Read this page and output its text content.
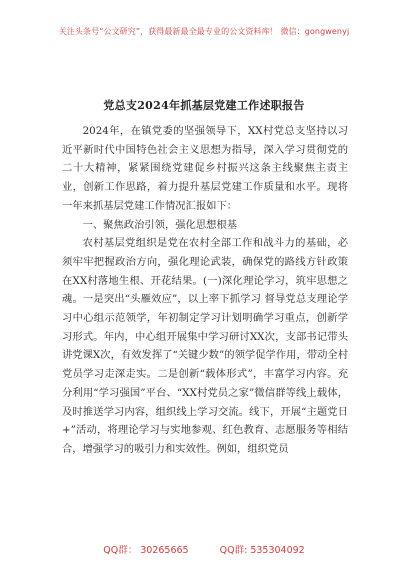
关注头条号“公文研究”，获得最新最全最专业的公文资料库！ 微信：gongwenyj
党总支2024年抓基层党建工作述职报告

2024年，在镇党委的坚强领导下，XX村党总支坚持以习近平新时代中国特色社会主义思想为指导，深入学习贯彻党的二十大精神，紧紧围绕党建促乡村振兴这条主线聚焦主责主业，创新工作思路，着力提升基层党建工作质量和水平。现将一年来抓基层党建工作情况汇报如下：

一、聚焦政治引领，强化思想根基

农村基层党组织是党在农村全部工作和战斗力的基础，必须牢牢把握政治方向，强化理论武装，确保党的路线方针政策在XX村落地生根、开花结果。(一)深化理论学习，筑牢思想之魂。一是突出“头雁效应”，以上率下抓学习 督导党总支理论学习中心组示范领学，年初制定学习计划明确学习重点，创新学习形式。年内，中心组开展集中学习研讨XX次，支部书记带头讲党课X次，有效发挥了“关键少数”的领学促学作用，带动全村党员学习走深走实。二是创新“载体形式”，丰富学习内容。充分利用“学习强国”平台、“XX村党员之家”微信群等线上载体，及时推送学习内容，组织线上学习交流。线下，开展“主题党日+”活动，将理论学习与实地参观、红色教育、志愿服务等相结合，增强学习的吸引力和实效性。例如，组织党员

QQ群： 30265665	QQ群: 535304092
